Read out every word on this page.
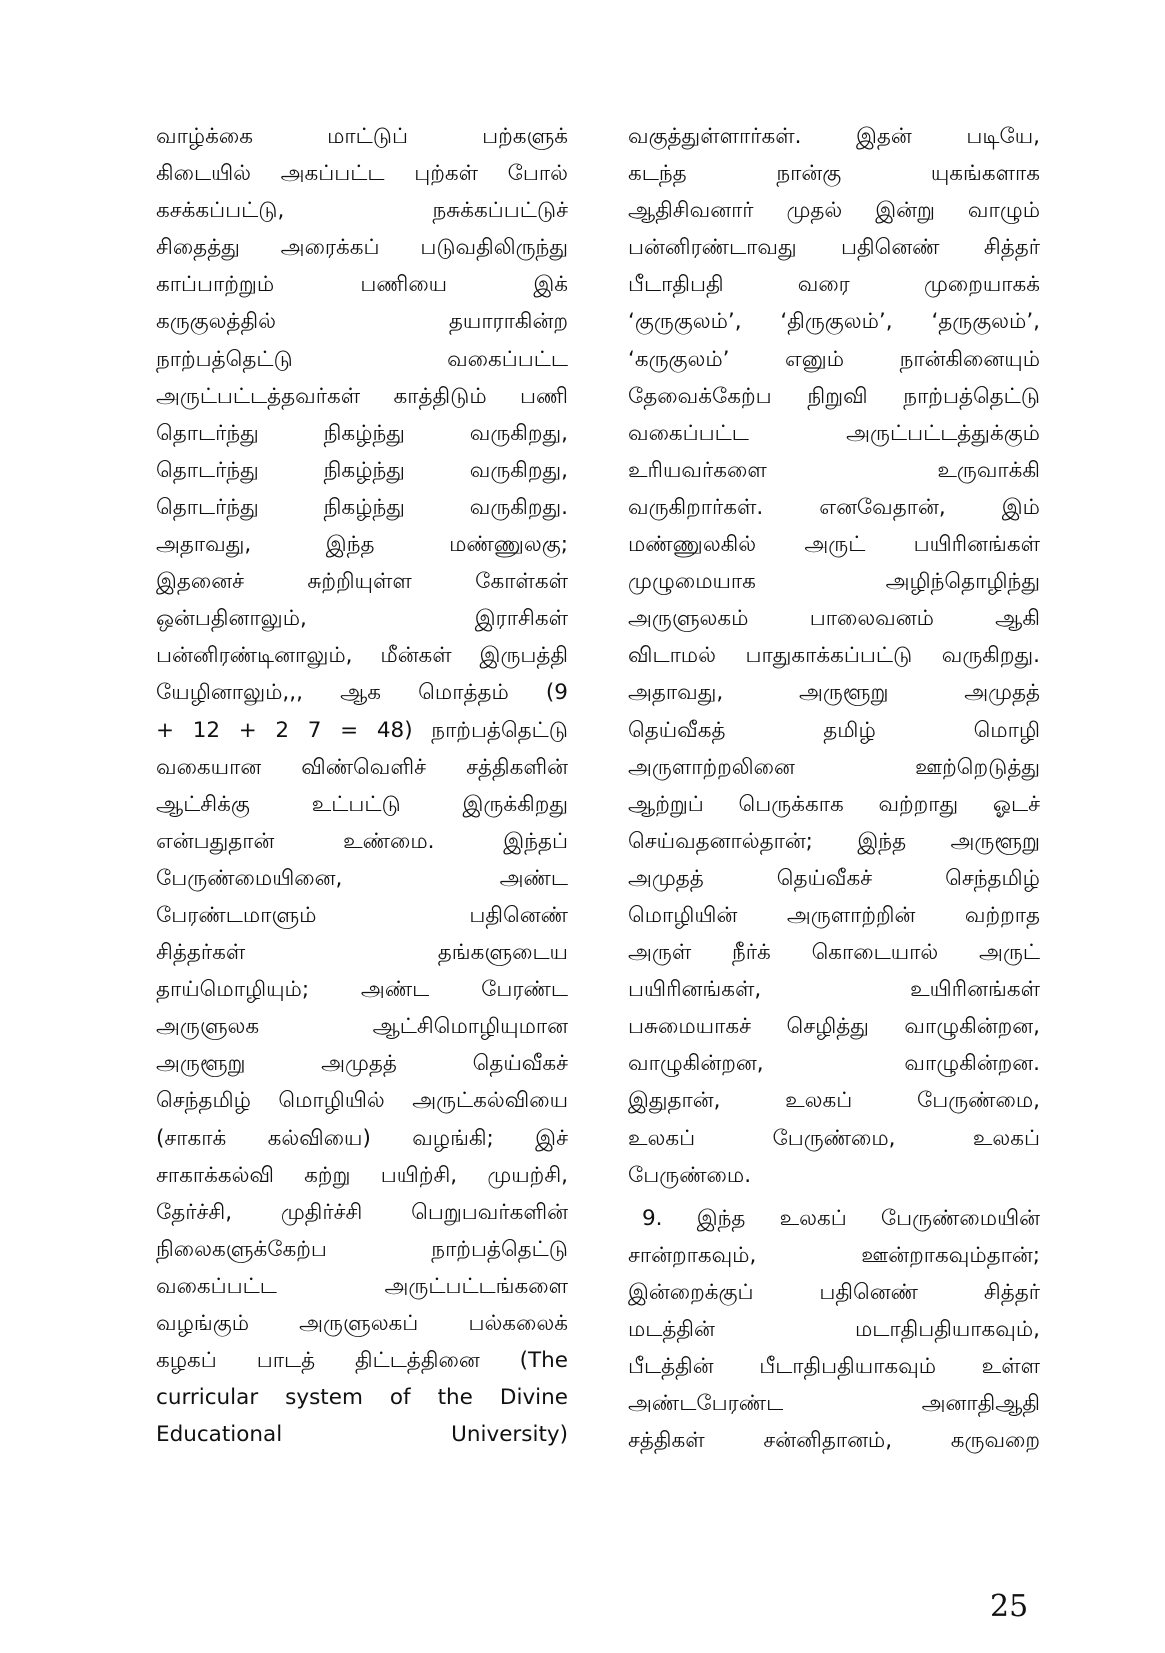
வாழ்க்கை மாட்டுப் பற்களுக்
கிடையில் அகப்பட்ட புற்கள் போல்
கசக்கப்பட்டு, நசுக்கப்பட்டுச்
சிதைத்து அரைக்கப் படுவதிலிருந்து
காப்பாற்றும் பணியை இக்
கருகுலத்தில் தயாராகின்ற
நாற்பத்தெட்டு வகைப்பட்ட
அருட்பட்டத்தவர்கள் காத்திடும் பணி
தொடர்ந்து நிகழ்ந்து வருகிறது,
தொடர்ந்து நிகழ்ந்து வருகிறது,
தொடர்ந்து நிகழ்ந்து வருகிறது.
அதாவது, இந்த மண்ணுலகு;
இதனைச் சுற்றியுள்ள கோள்கள்
ஒன்பதினாலும், இராசிகள்
பன்னிரண்டினாலும், மீன்கள் இருபத்தி
யேழினாலும்,,, ஆக மொத்தம் (9
+ 12 + 2 7 = 48) நாற்பத்தெட்டு
வகையான விண்வெளிச் சத்திகளின்
ஆட்சிக்கு உட்பட்டு இருக்கிறது
என்பதுதான் உண்மை. இந்தப்
பேருண்மையினை, அண்ட
பேரண்டமாளும் பதினெண்
சித்தர்கள் தங்களுடைய
தாய்மொழியும்; அண்ட பேரண்ட
அருளுலக ஆட்சிமொழியுமான
அருளூறு அமுதத் தெய்வீகச்
செந்தமிழ் மொழியில் அருட்கல்வியை
(சாகாக் கல்வியை) வழங்கி; இச்
சாகாக்கல்வி கற்று பயிற்சி, முயற்சி,
தேர்ச்சி, முதிர்ச்சி பெறுபவர்களின்
நிலைகளுக்கேற்ப நாற்பத்தெட்டு
வகைப்பட்ட அருட்பட்டங்களை
வழங்கும் அருளுலகப் பல்கலைக்
கழகப் பாடத் திட்டத்தினை (The
curricular system of the Divine
Educational University)
வகுத்துள்ளார்கள். இதன் படியே,
கடந்த நான்கு யுகங்களாக
ஆதிசிவனார் முதல் இன்று வாழும்
பன்னிரண்டாவது பதினெண் சித்தர்
பீடாதிபதி வரை முறையாகக்
‘குருகுலம்’, ‘திருகுலம்’, ‘தருகுலம்’,
‘கருகுலம்’ எனும் நான்கினையும்
தேவைக்கேற்ப நிறுவி நாற்பத்தெட்டு
வகைப்பட்ட அருட்பட்டத்துக்கும்
உரியவர்களை உருவாக்கி
வருகிறார்கள். எனவேதான், இம்
மண்ணுலகில் அருட் பயிரினங்கள்
முழுமையாக அழிந்தொழிந்து
அருளுலகம் பாலைவனம் ஆகி
விடாமல் பாதுகாக்கப்பட்டு வருகிறது.
அதாவது, அருளூறு அமுதத்
தெய்வீகத் தமிழ் மொழி
அருளாற்றலினை ஊற்றெடுத்து
ஆற்றுப் பெருக்காக வற்றாது ஓடச்
செய்வதனால்தான்; இந்த அருளூறு
அமுதத் தெய்வீகச் செந்தமிழ்
மொழியின் அருளாற்றின் வற்றாத
அருள் நீர்க் கொடையால் அருட்
பயிரினங்கள், உயிரினங்கள்
பசுமையாகச் செழித்து வாழுகின்றன,
வாழுகின்றன, வாழுகின்றன.
இதுதான், உலகப் பேருண்மை,
உலகப் பேருண்மை, உலகப்
பேருண்மை.
9. இந்த உலகப் பேருண்மையின்
சான்றாகவும், ஊன்றாகவும்தான்;
இன்றைக்குப் பதினெண் சித்தர்
மடத்தின் மடாதிபதியாகவும்,
பீடத்தின் பீடாதிபதியாகவும் உள்ள
அண்டபேரண்ட அனாதிஆதி
சத்திகள் சன்னிதானம், கருவறை
25
